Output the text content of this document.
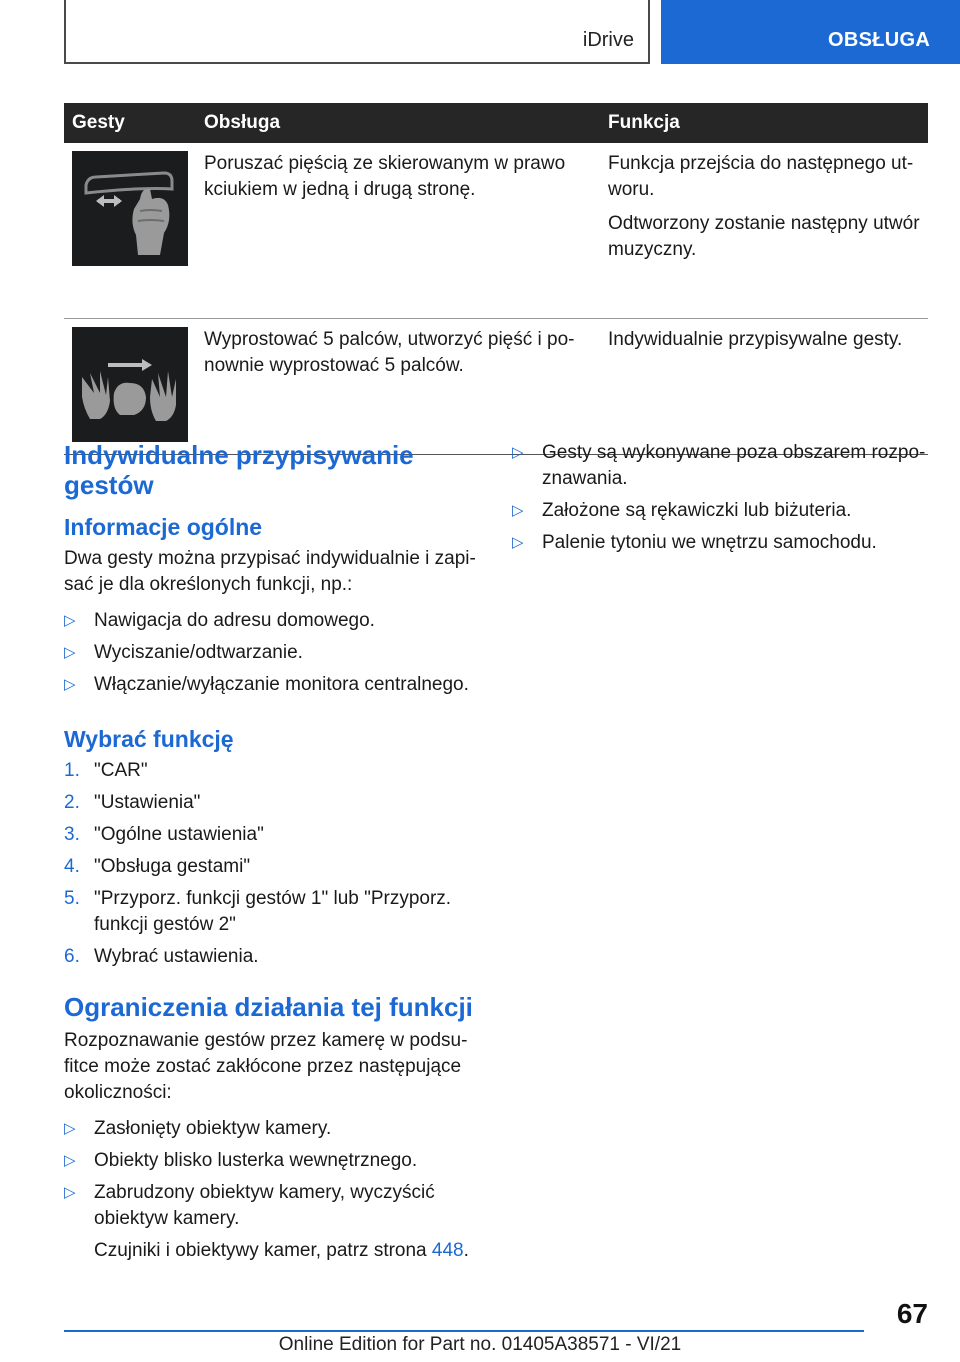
iDrive	OBSŁUGA
Gesty	Obsługa	Funkcja

Poruszać pięścią ze skierowanym w prawo kciukiem w jedną i drugą stronę.	Funkcja przejścia do następnego utworu.

Odtworzony zostanie następny utwór muzyczny.

Wyprostować 5 palców, utworzyć pięść i ponownie wyprostować 5 palców.	Indywidualnie przypisywalne gesty.

Indywidualne przypisywanie gestów
Informacje ogólne

Dwa gesty można przypisać indywidualnie i zapisać je dla określonych funkcji, np.:

▷ Nawigacja do adresu domowego.
▷ Wyciszanie/odtwarzanie.
▷ Włączanie/wyłączanie monitora centralnego.
Wybrać funkcję
1. "CAR"
2. "Ustawienia"
3. "Ogólne ustawienia"
4. "Obsługa gestami"
5. "Przyporz. funkcji gestów 1" lub "Przyporz. funkcji gestów 2"
6. Wybrać ustawienia.
Ograniczenia działania tej funkcji

Rozpoznawanie gestów przez kamerę w podsufitce może zostać zakłócone przez następujące okoliczności:

▷ Zasłonięty obiektyw kamery.
▷ Obiekty blisko lusterka wewnętrznego.
▷ Zabrudzony obiektyw kamery, wyczyścić obiektyw kamery.

Czujniki i obiektywy kamer, patrz strona 448.

▷ Gesty są wykonywane poza obszarem rozpoznawania.
▷ Założone są rękawiczki lub biżuteria.
▷ Palenie tytoniu we wnętrzu samochodu.
67
Online Edition for Part no. 01405A38571 - VI/21
